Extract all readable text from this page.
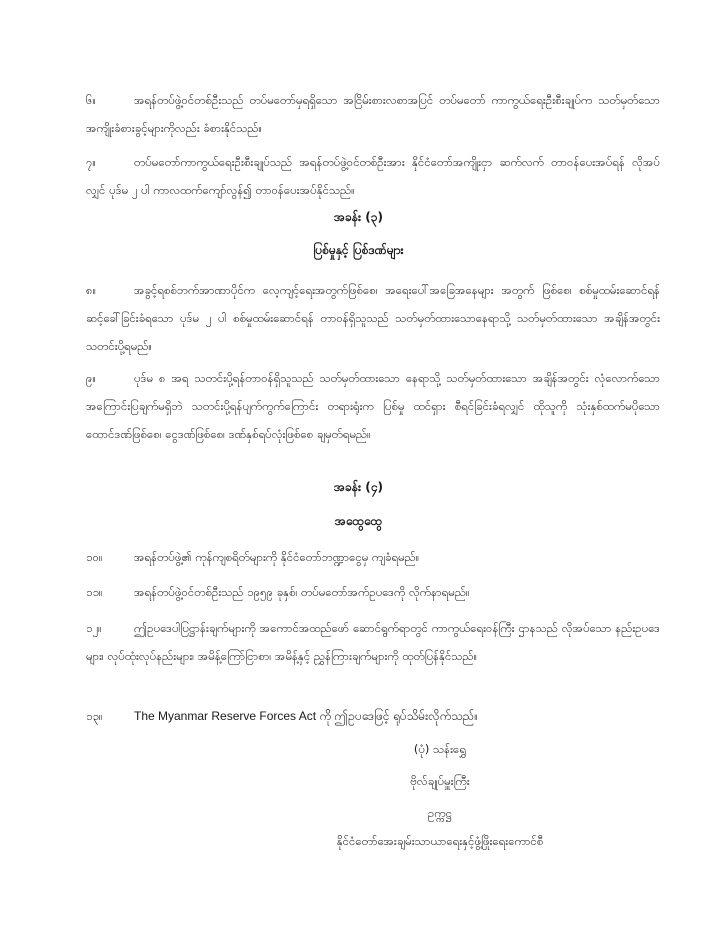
၆။	အရန်တပ်ဖွဲ့ဝင်တစ်ဦးသည် တပ်မတော်မှရရှိသော အငြိမ်းစားလစာအပြင် တပ်မတော် ကာကွယ်ရေးဦးစီးချုပ်က သတ်မှတ်သော အကျိုးခံစားခွင့်များကိုလည်း ခံစားနိုင်သည်။
၇။	တပ်မတော်ကာကွယ်ရေးဦးစီးချုပ်သည် အရန်တပ်ဖွဲ့ဝင်တစ်ဦးအား နိုင်ငံတော်အကျိုးငှာ ဆက်လက် တာဝန်ပေးအပ်ရန် လိုအပ်လျှင် ပုဒ်မ ၂ ပါ ကာလထက်ကျော်လွန်၍ တာဝန်ပေးအပ်နိုင်သည်။
အခန်း (၃)
ပြစ်မှုနှင့် ပြစ်ဒဏ်များ
၈။	အခွင့်ရစစ်ဘက်အာဏာပိုင်က လေ့ကျင့်ရေးအတွက်ဖြစ်စေ၊ အရေးပေါ်အခြေအနေများ အတွက် ဖြစ်စေ၊ စစ်မှုထမ်းဆောင်ရန် ဆင့်ခေါ်ခြင်းခံရသော ပုဒ်မ ၂ ပါ စစ်မှုထမ်းဆောင်ရန် တာဝန်ရှိသူသည် သတ်မှတ်ထားသောနေရာသို့ သတ်မှတ်ထားသော အချိန်အတွင်း သတင်းပို့ရမည်။
၉။	ပုဒ်မ ၈ အရ သတင်းပို့ရန်တာဝန်ရှိသူသည် သတ်မှတ်ထားသော နေရာသို့ သတ်မှတ်ထားသော အချိန်အတွင်း လုံလောက်သော အကြောင်းပြချက်မရှိဘဲ သတင်းပို့ရန်ပျက်ကွက်ကြောင်း တရားရုံးက ပြစ်မှု ထင်ရှား စီရင်ခြင်းခံရလျှင် ထိုသူကို သုံးနှစ်ထက်မပိုသော ထောင်ဒဏ်ဖြစ်စေ၊ ငွေဒဏ်ဖြစ်စေ၊ ဒဏ်နှစ်ရပ်လုံးဖြစ်စေ ချမှတ်ရမည်။
အခန်း (၄)
အထွေထွေ
၁၀။	အရန်တပ်ဖွဲ့၏ ကုန်ကျစရိတ်များကို နိုင်ငံတော်ဘဏ္ဍာငွေမှ ကျခံရမည်။
၁၁။	အရန်တပ်ဖွဲ့ဝင်တစ်ဦးသည် ၁၉၅၉ ခုနှစ်၊ တပ်မတော်အက်ဥပဒေကို လိုက်နာရမည်။
၁၂။	ဤဥပဒေပါပြဋ္ဌာန်းချက်များကို အကောင်အထည်ဖော် ဆောင်ရွက်ရာတွင် ကာကွယ်ရေးဝန်ကြီး ဌာနသည် လိုအပ်သော နည်းဥပဒေများ၊ လုပ်ထုံးလုပ်နည်းများ၊ အမိန့်ကြော်ငြာစာ၊ အမိန့်နှင့် ညွှန်ကြားချက်များကို ထုတ်ပြန်နိုင်သည်။
၁၃။	The Myanmar Reserve Forces Act ကို ဤဥပဒေဖြင့် ရုပ်သိမ်းလိုက်သည်။
(ပုံ) သန်းရွှေ
ဗိုလ်ချုပ်မှူးကြီး
ဥက္ကဋ္ဌ
နိုင်ငံတော်အေးချမ်းသာယာရေးနှင့်ဖွံ့ဖြိုးရေးကောင်စီ
